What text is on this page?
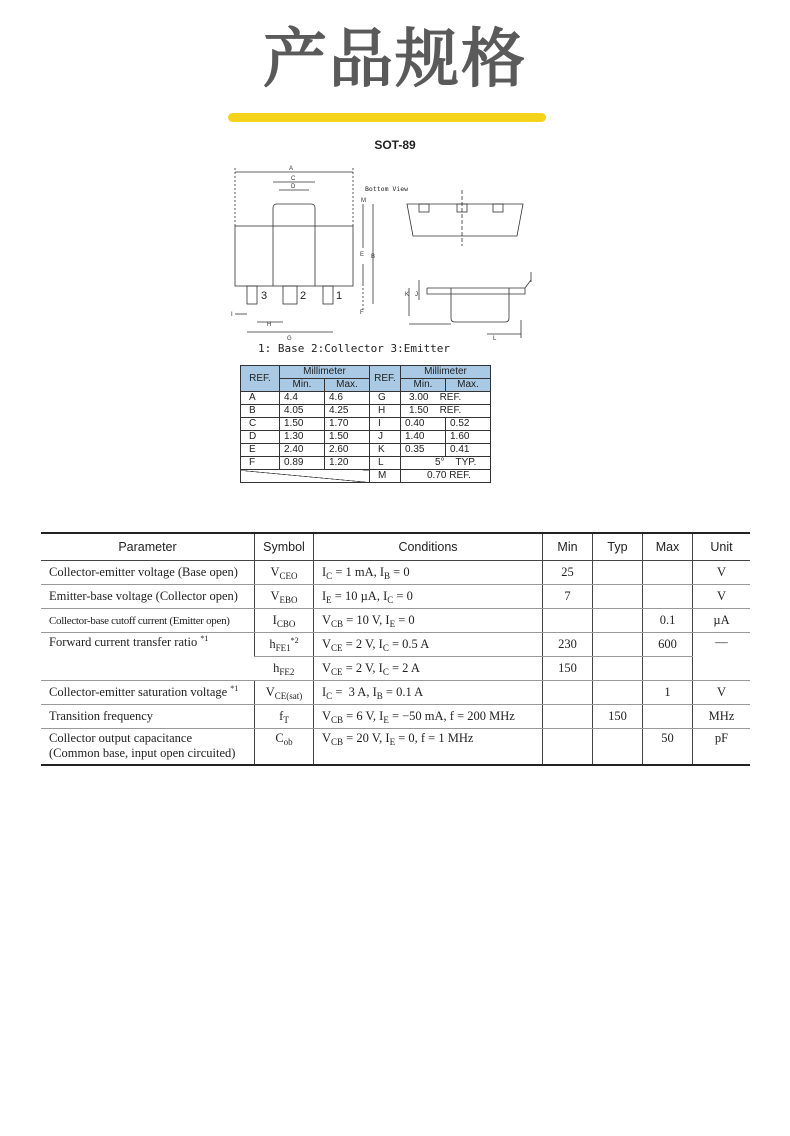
产品规格
SOT-89
A
C
D
M
E B
F
H
G
I
J
K
L
3	2	1
Bottom View
1: Base 2:Collector 3:Emitter
REF.	Millimeter		REF.	Millimeter	
	Min.	Max.		Min.	Max.
A	4.4	4.6	G	3.00    REF.	
B	4.05	4.25	H	1.50    REF.	
C	1.50	1.70	I	0.40	0.52
D	1.30	1.50	J	1.40	1.60
E	2.40	2.60	K	0.35	0.41
F	0.89	1.20	L	5°    TYP.	
			M	0.70 REF.	
Parameter	Symbol	Conditions	Min	Typ	Max	Unit
Collector-emitter voltage (Base open)	$V_{CEO}$	$I_C = 1$ mA, $I_B = 0$	25			V
Emitter-base voltage (Collector open)	$V_{EBO}$	$I_E = 10$ µA, $I_C = 0$	7			V
Collector-base cutoff current (Emitter open)	$I_{CBO}$	$V_{CB} = 10$ V, $I_E = 0$			0.1	µA
Forward current transfer ratio $^{*1}$	$h_{FE1}^{*2}$	$V_{CE} = 2$ V, $I_C = 0.5$ A	230		600	—
	$h_{FE2}$	$V_{CE} = 2$ V, $I_C = 2$ A	150			
Collector-emitter saturation voltage $^{*1}$	$V_{CE(sat)}$	$I_C = 3$ A, $I_B = 0.1$ A			1	V
Transition frequency	$f_T$	$V_{CB} = 6$ V, $I_E = -50$ mA, f = 200 MHz		150		MHz

Collector output capacitance
(Common base, input open circuited)	$C_{ob}$	$V_{CB} = 20$ V, $I_E = 0$, f = 1 MHz			50	pF
